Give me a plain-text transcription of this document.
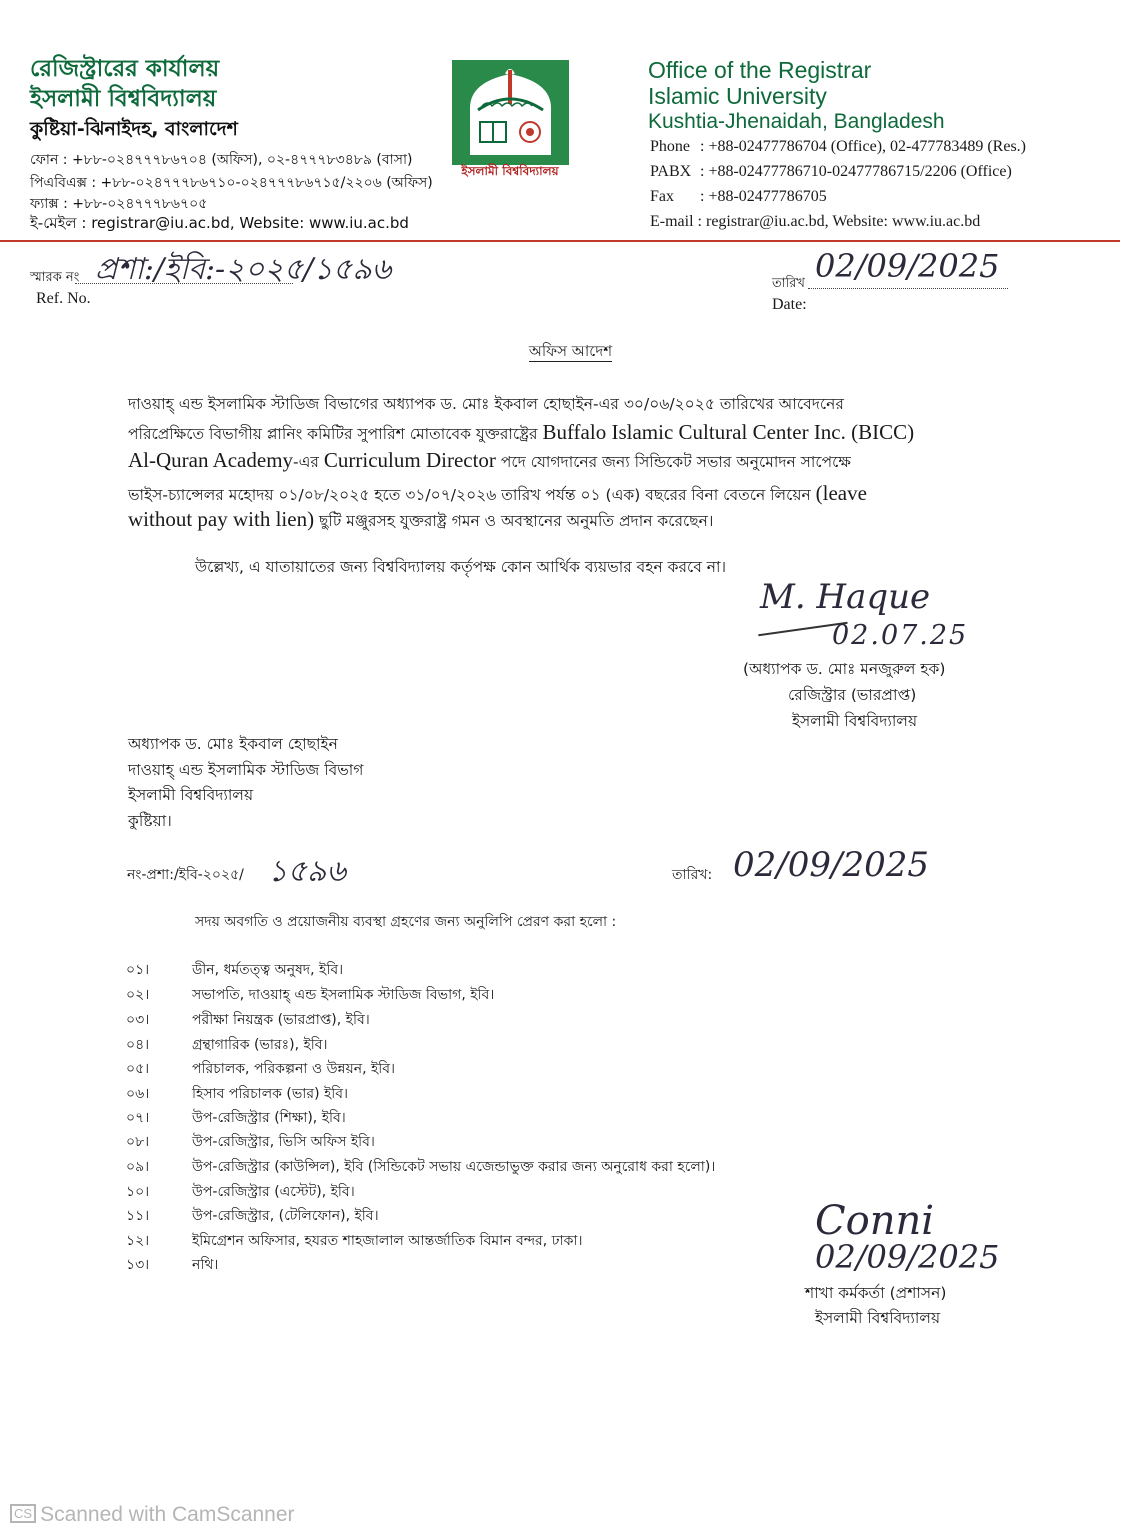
রেজিস্ট্রারের কার্যালয়
ইসলামী বিশ্ববিদ্যালয়
কুষ্টিয়া-ঝিনাইদহ, বাংলাদেশ
ফোন : +৮৮-০২৪৭৭৭৮৬৭০৪ (অফিস), ০২-৪৭৭৭৮৩৪৮৯ (বাসা)
পিএবিএক্স : +৮৮-০২৪৭৭৭৮৬৭১০-০২৪৭৭৭৮৬৭১৫/২২০৬ (অফিস)
ফ্যাক্স : +৮৮-০২৪৭৭৭৮৬৭০৫
ই-মেইল : registrar@iu.ac.bd, Website: www.iu.ac.bd
ইসলামী বিশ্ববিদ্যালয়
Office of the Registrar
Islamic University
Kushtia-Jhenaidah, Bangladesh
Phone : +88-02477786704 (Office), 02-477783489 (Res.)
PABX : +88-02477786710-02477786715/2206 (Office)
Fax : +88-02477786705
E-mail : registrar@iu.ac.bd, Website: www.iu.ac.bd
স্মারক নং
Ref. No.
প্রশা:/ইবি:-২০২৫/১৫৯৬	তারিখ
Date:
02/09/2025
অফিস আদেশ
দাওয়াহ্ এন্ড ইসলামিক স্টাডিজ বিভাগের অধ্যাপক ড. মোঃ ইকবাল হোছাইন-এর ৩০/০৬/২০২৫ তারিখের আবেদনের
পরিপ্রেক্ষিতে বিভাগীয় প্লানিং কমিটির সুপারিশ মোতাবেক যুক্তরাষ্ট্রের Buffalo Islamic Cultural Center Inc. (BICC)
Al-Quran Academy-এর Curriculum Director পদে যোগদানের জন্য সিন্ডিকেট সভার অনুমোদন সাপেক্ষে
ভাইস-চ্যান্সেলর মহোদয় ০১/০৮/২০২৫ হতে ৩১/০৭/২০২৬ তারিখ পর্যন্ত ০১ (এক) বছরের বিনা বেতনে লিয়েন (leave
without pay with lien) ছুটি মঞ্জুরসহ যুক্তরাষ্ট্র গমন ও অবস্থানের অনুমতি প্রদান করেছেন।
উল্লেখ্য, এ যাতায়াতের জন্য বিশ্ববিদ্যালয় কর্তৃপক্ষ কোন আর্থিক ব্যয়ভার বহন করবে না।
M. Haque
02.07.25
(অধ্যাপক ড. মোঃ মনজুরুল হক)
রেজিস্ট্রার (ভারপ্রাপ্ত)
ইসলামী বিশ্ববিদ্যালয়
অধ্যাপক ড. মোঃ ইকবাল হোছাইন
দাওয়াহ্ এন্ড ইসলামিক স্টাডিজ বিভাগ
ইসলামী বিশ্ববিদ্যালয়
কুষ্টিয়া।
নং-প্রশা:/ইবি-২০২৫/ ১৫৯৬	তারিখ: 02/09/2025
সদয় অবগতি ও প্রয়োজনীয় ব্যবস্থা গ্রহণের জন্য অনুলিপি প্রেরণ করা হলো :
০১।	ডীন, ধর্মতত্ত্ব অনুষদ, ইবি।
০২।	সভাপতি, দাওয়াহ্ এন্ড ইসলামিক স্টাডিজ বিভাগ, ইবি।
০৩।	পরীক্ষা নিয়ন্ত্রক (ভারপ্রাপ্ত), ইবি।
০৪।	গ্রন্থাগারিক (ভারঃ), ইবি।
০৫।	পরিচালক, পরিকল্পনা ও উন্নয়ন, ইবি।
০৬।	হিসাব পরিচালক (ভার) ইবি।
০৭।	উপ-রেজিস্ট্রার (শিক্ষা), ইবি।
০৮।	উপ-রেজিস্ট্রার, ভিসি অফিস ইবি।
০৯।	উপ-রেজিস্ট্রার (কাউন্সিল), ইবি (সিন্ডিকেট সভায় এজেন্ডাভুক্ত করার জন্য অনুরোধ করা হলো)।
১০।	উপ-রেজিস্ট্রার (এস্টেট), ইবি।
১১।	উপ-রেজিস্ট্রার, (টেলিফোন), ইবি।
১২।	ইমিগ্রেশন অফিসার, হযরত শাহজালাল আন্তর্জাতিক বিমান বন্দর, ঢাকা।
১৩।	নথি।
Conni
02/09/2025
শাখা কর্মকর্তা (প্রশাসন)
ইসলামী বিশ্ববিদ্যালয়
CS Scanned with CamScanner
